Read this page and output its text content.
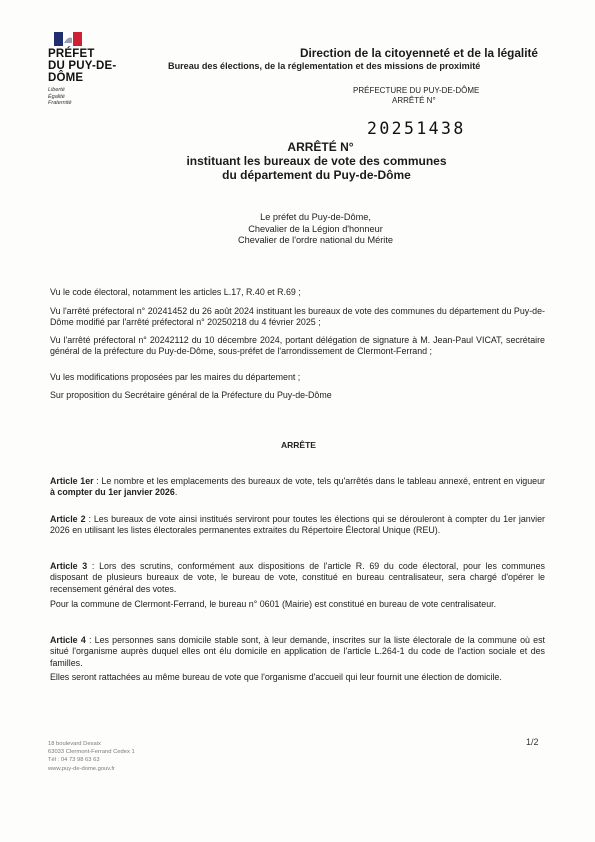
PRÉFET
DU PUY-DE-DÔME
Liberté
Égalité
Fraternité
Direction de la citoyenneté et de la légalité
Bureau des élections, de la réglementation et des missions de proximité
PRÉFECTURE DU PUY-DE-DÔME
ARRÊTÉ N°
20251438
ARRÊTÉ N°
instituant les bureaux de vote des communes
du département du Puy-de-Dôme
Le préfet du Puy-de-Dôme,
Chevalier de la Légion d'honneur
Chevalier de l'ordre national du Mérite
Vu le code électoral, notamment les articles L.17, R.40 et R.69 ;
Vu l'arrêté préfectoral n° 20241452 du 26 août 2024 instituant les bureaux de vote des communes du département du Puy-de-Dôme modifié par l'arrêté préfectoral n° 20250218 du 4 février 2025 ;
Vu l'arrêté préfectoral n° 20242112 du 10 décembre 2024, portant délégation de signature à M. Jean-Paul VICAT, secrétaire général de la préfecture du Puy-de-Dôme, sous-préfet de l'arrondissement de Clermont-Ferrand ;
Vu les modifications proposées par les maires du département ;
Sur proposition du Secrétaire général de la Préfecture du Puy-de-Dôme
ARRÊTE
Article 1er : Le nombre et les emplacements des bureaux de vote, tels qu'arrêtés dans le tableau annexé, entrent en vigueur à compter du 1er janvier 2026.
Article 2 : Les bureaux de vote ainsi institués serviront pour toutes les élections qui se dérouleront à compter du 1er janvier 2026 en utilisant les listes électorales permanentes extraites du Répertoire Électoral Unique (REU).
Article 3 : Lors des scrutins, conformément aux dispositions de l'article R. 69 du code électoral, pour les communes disposant de plusieurs bureaux de vote, le bureau de vote, constitué en bureau centralisateur, sera chargé d'opérer le recensement général des votes.
Pour la commune de Clermont-Ferrand, le bureau n° 0601 (Mairie) est constitué en bureau de vote centralisateur.
Article 4 : Les personnes sans domicile stable sont, à leur demande, inscrites sur la liste électorale de la commune où est situé l'organisme auprès duquel elles ont élu domicile en application de l'article L.264-1 du code de l'action sociale et des familles.
Elles seront rattachées au même bureau de vote que l'organisme d'accueil qui leur fournit une élection de domicile.
18 boulevard Desaix
63033 Clermont-Ferrand Cedex 1
Tél : 04 73 98 63 63
www.puy-de-dome.gouv.fr
1/2
